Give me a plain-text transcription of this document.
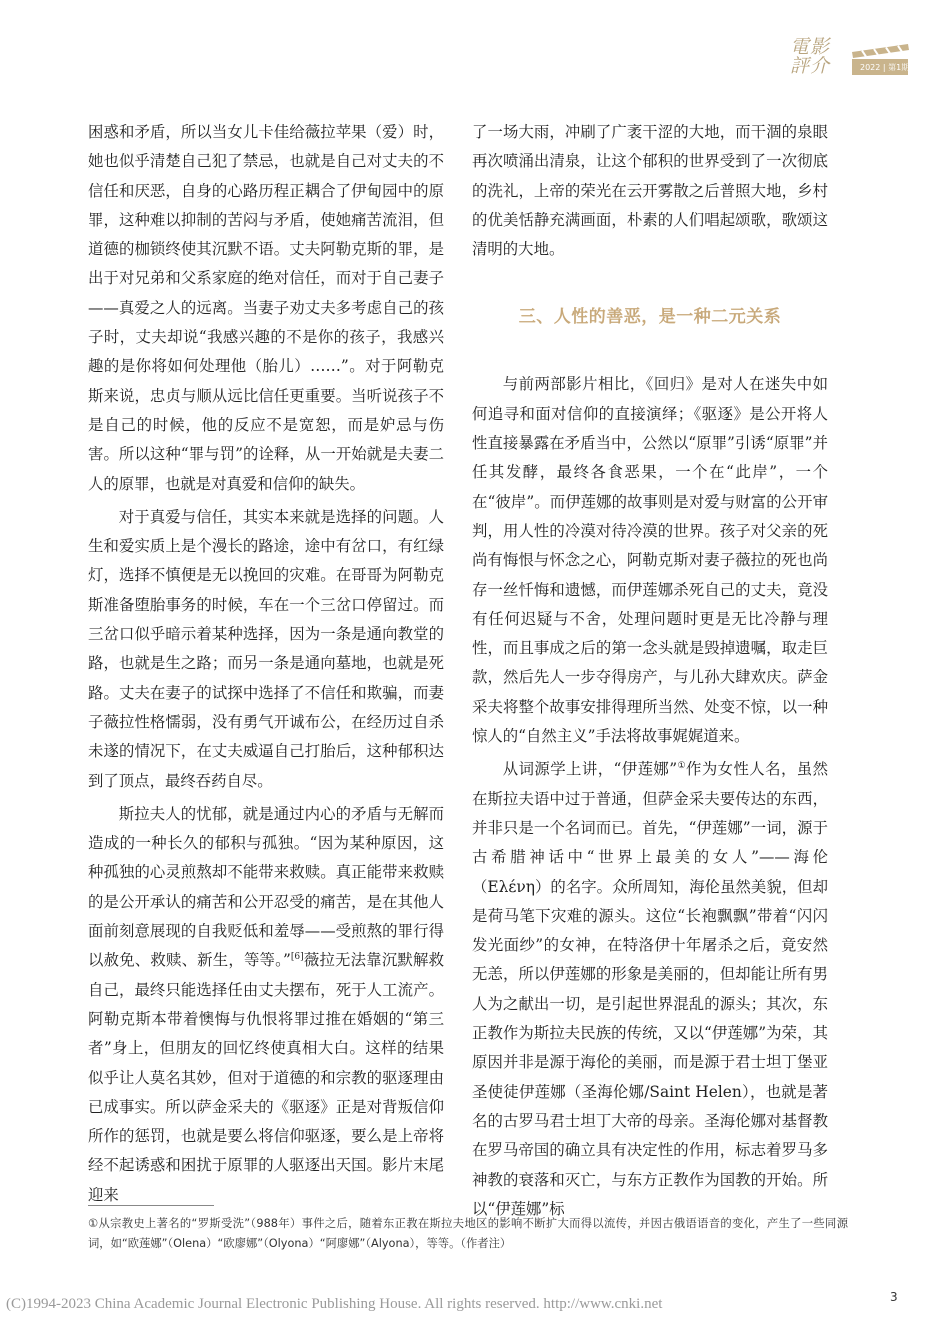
電影
評介	2022 | 第1期

困惑和矛盾，所以当女儿卡佳给薇拉苹果（爱）时，她也似乎清楚自己犯了禁忌，也就是自己对丈夫的不信任和厌恶，自身的心路历程正耦合了伊甸园中的原罪，这种难以抑制的苦闷与矛盾，使她痛苦流泪，但道德的枷锁终使其沉默不语。丈夫阿勒克斯的罪，是出于对兄弟和父系家庭的绝对信任，而对于自己妻子——真爱之人的远离。当妻子劝丈夫多考虑自己的孩子时，丈夫却说“我感兴趣的不是你的孩子，我感兴趣的是你将如何处理他（胎儿）……”。对于阿勒克斯来说，忠贞与顺从远比信任更重要。当听说孩子不是自己的时候，他的反应不是宽恕，而是妒忌与伤害。所以这种“罪与罚”的诠释，从一开始就是夫妻二人的原罪，也就是对真爱和信仰的缺失。

对于真爱与信任，其实本来就是选择的问题。人生和爱实质上是个漫长的路途，途中有岔口，有红绿灯，选择不慎便是无以挽回的灾难。在哥哥为阿勒克斯准备堕胎事务的时候，车在一个三岔口停留过。而三岔口似乎暗示着某种选择，因为一条是通向教堂的路，也就是生之路；而另一条是通向墓地，也就是死路。丈夫在妻子的试探中选择了不信任和欺骗，而妻子薇拉性格懦弱，没有勇气开诚布公，在经历过自杀未遂的情况下，在丈夫威逼自己打胎后，这种郁积达到了顶点，最终吞药自尽。

斯拉夫人的忧郁，就是通过内心的矛盾与无解而造成的一种长久的郁积与孤独。“因为某种原因，这种孤独的心灵煎熬却不能带来救赎。真正能带来救赎的是公开承认的痛苦和公开忍受的痛苦，是在其他人面前刻意展现的自我贬低和羞辱——受煎熬的罪行得以赦免、救赎、新生，等等。”[6]薇拉无法靠沉默解救自己，最终只能选择任由丈夫摆布，死于人工流产。阿勒克斯本带着懊悔与仇恨将罪过推在婚姻的“第三者”身上，但朋友的回忆终使真相大白。这样的结果似乎让人莫名其妙，但对于道德的和宗教的驱逐理由已成事实。所以萨金采夫的《驱逐》正是对背叛信仰所作的惩罚，也就是要么将信仰驱逐，要么是上帝将经不起诱惑和困扰于原罪的人驱逐出天国。影片末尾迎来

了一场大雨，冲刷了广袤干涩的大地，而干涸的泉眼再次喷涌出清泉，让这个郁积的世界受到了一次彻底的洗礼，上帝的荣光在云开雾散之后普照大地，乡村的优美恬静充满画面，朴素的人们唱起颂歌，歌颂这清明的大地。

三、人性的善恶，是一种二元关系

与前两部影片相比，《回归》是对人在迷失中如何追寻和面对信仰的直接演绎；《驱逐》是公开将人性直接暴露在矛盾当中，公然以“原罪”引诱“原罪”并任其发酵，最终各食恶果，一个在“此岸”，一个在“彼岸”。而伊莲娜的故事则是对爱与财富的公开审判，用人性的冷漠对待冷漠的世界。孩子对父亲的死尚有悔恨与怀念之心，阿勒克斯对妻子薇拉的死也尚存一丝忏悔和遗憾，而伊莲娜杀死自己的丈夫，竟没有任何迟疑与不舍，处理问题时更是无比冷静与理性，而且事成之后的第一念头就是毁掉遗嘱，取走巨款，然后先人一步夺得房产，与儿孙大肆欢庆。萨金采夫将整个故事安排得理所当然、处变不惊，以一种惊人的“自然主义”手法将故事娓娓道来。

从词源学上讲，“伊莲娜”①作为女性人名，虽然在斯拉夫语中过于普通，但萨金采夫要传达的东西，并非只是一个名词而已。首先，“伊莲娜”一词，源于古希腊神话中“世界上最美的女人”——海伦（Ελένη）的名字。众所周知，海伦虽然美貌，但却是荷马笔下灾难的源头。这位“长袍飘飘”带着“闪闪发光面纱”的女神，在特洛伊十年屠杀之后，竟安然无恙，所以伊莲娜的形象是美丽的，但却能让所有男人为之献出一切，是引起世界混乱的源头；其次，东正教作为斯拉夫民族的传统，又以“伊莲娜”为荣，其原因并非是源于海伦的美丽，而是源于君士坦丁堡亚圣使徒伊莲娜（圣海伦娜/Saint Helen），也就是著名的古罗马君士坦丁大帝的母亲。圣海伦娜对基督教在罗马帝国的确立具有决定性的作用，标志着罗马多神教的衰落和灭亡，与东方正教作为国教的开始。所以“伊莲娜”标

①从宗教史上著名的“罗斯受洗”（988年）事件之后，随着东正教在斯拉夫地区的影响不断扩大而得以流传，并因古俄语语音的变化，产生了一些同源词，如“欧莲娜”（Olena）“欧廖娜”（Olyona）“阿廖娜”（Alyona），等等。（作者注）
(C)1994-2023 China Academic Journal Electronic Publishing House. All rights reserved. http://www.cnki.net	3
